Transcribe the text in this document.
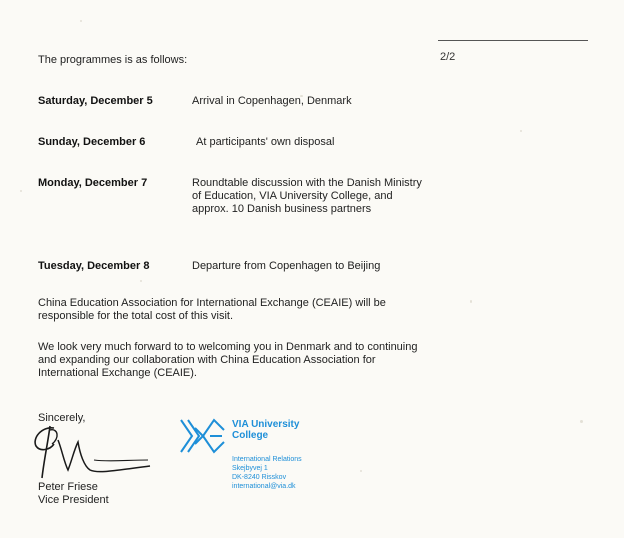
2/2
The programmes is as follows:
Saturday, December 5	Arrival in Copenhagen, Denmark
Sunday, December 6	At participants' own disposal
Monday, December 7	Roundtable discussion with the Danish Ministry of Education, VIA University College, and approx. 10 Danish business partners
Tuesday, December 8	Departure from Copenhagen to Beijing
China Education Association for International Exchange (CEAIE) will be responsible for the total cost of this visit.
We look very much forward to to welcoming you in Denmark and to continuing and expanding our collaboration with China Education Association for International Exchange (CEAIE).
Sincerely,
Peter Friese
Vice President
VIA University
College
International Relations
Skejbyvej 1
DK-8240 Risskov
international@via.dk
